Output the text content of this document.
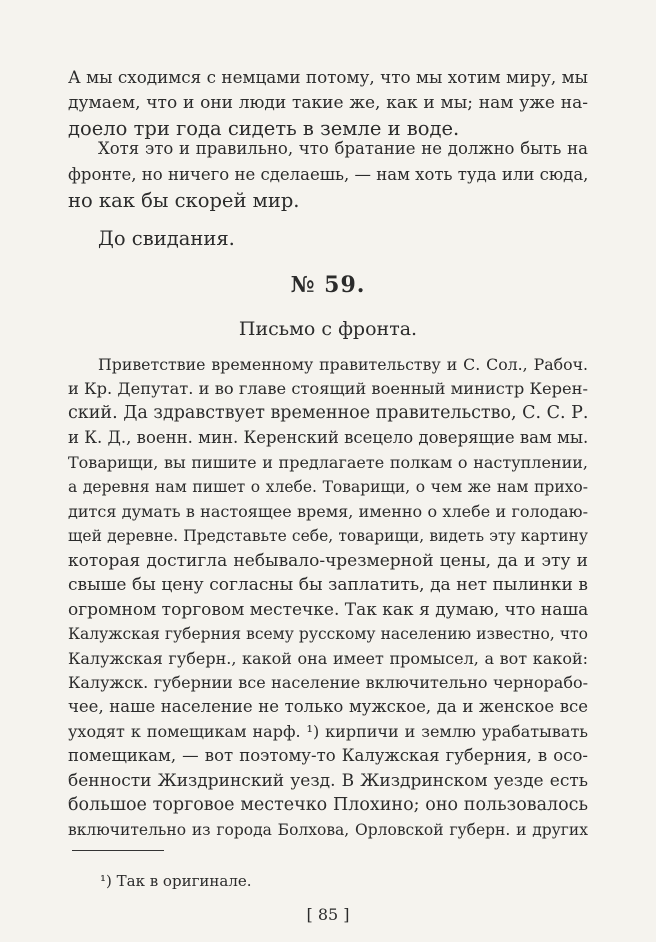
А мы сходимся с немцами потому, что мы хотим миру, мы
думаем, что и они люди такие же, как и мы; нам уже на-
доело три года сидеть в земле и воде.
Хотя это и правильно, что братание не должно быть на
фронте, но ничего не сделаешь, — нам хоть туда или сюда,
но как бы скорей мир.
До свидания.
№ 59.
Письмо с фронта.
Приветствие временному правительству и С. Сол., Рабоч.
и Кр. Депутат. и во главе стоящий военный министр Керен-
ский. Да здравствует временное правительство, С. С. Р.
и К. Д., военн. мин. Керенский всецело доверящие вам мы.
Товарищи, вы пишите и предлагаете полкам о наступлении,
а деревня нам пишет о хлебе. Товарищи, о чем же нам прихо-
дится думать в настоящее время, именно о хлебе и голодаю-
щей деревне. Представьте себе, товарищи, видеть эту картину
которая достигла небывало-чрезмерной цены, да и эту и
свыше бы цену согласны бы заплатить, да нет пылинки в
огромном торговом местечке. Так как я думаю, что наша
Калужская губерния всему русскому населению известно, что
Калужская губерн., какой она имеет промысел, а вот какой:
Калужск. губернии все население включительно чернорабо-
чее, наше население не только мужское, да и женское все
уходят к помещикам нарф. ¹) кирпичи и землю урабатывать
помещикам, — вот поэтому-то Калужская губерния, в осо-
бенности Жиздринский уезд. В Жиздринском уезде есть
большое торговое местечко Плохино; оно пользовалось
включительно из города Болхова, Орловской губерн. и других
¹) Так в оригинале.
[ 85 ]
